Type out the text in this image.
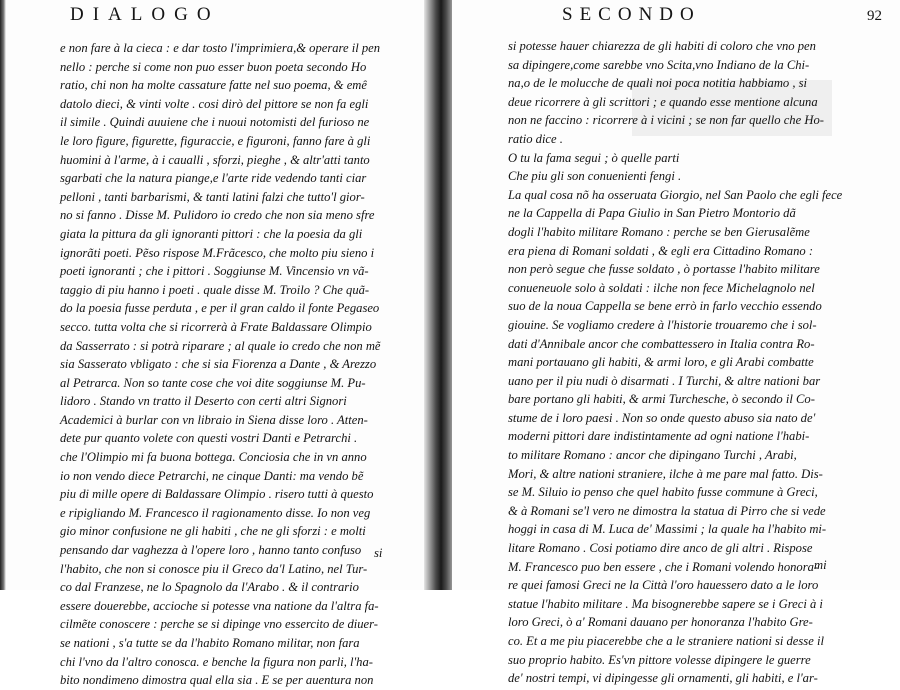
DIALOGO
e non fare à la cieca : e dar tosto l'imprimiera,& operare il pen
nello : perche si come non puo esser buon poeta secondo Ho
ratio, chi non ha molte cassature fatte nel suo poema, & emê
datolo dieci, & vinti volte . cosi dirò del pittore se non fa egli
il simile . Quindi auuiene che i nuoui notomisti del furioso ne
le loro figure, figurette, figuraccie, e figuroni, fanno fare à gli
huomini à l'arme, à i caualli , sforzi, pieghe , & altr'atti tanto
sgarbati che la natura piange,e l'arte ride vedendo tanti ciar
pelloni , tanti barbarismi, & tanti latini falzi che tutto'l gior-
no si fanno . Disse M. Pulidoro io credo che non sia meno sfre
giata la pittura da gli ignoranti pittori : che la poesia da gli
ignorãti poeti. Pẽso rispose M.Frãcesco, che molto piu sieno i
poeti ignoranti ; che i pittori . Soggiunse M. Vincensio vn vã-
taggio di piu hanno i poeti . quale disse M. Troilo ? Che quã-
do la poesia fusse perduta , e per il gran caldo il fonte Pegaseo
secco. tutta volta che si ricorrerà à Frate Baldassare Olimpio
da Sasserrato : si potrà riparare ; al quale io credo che non mẽ
sia Sasserato vbligato : che si sia Fiorenza a Dante , & Arezzo
al Petrarca. Non so tante cose che voi dite soggiunse M. Pu-
lidoro . Stando vn tratto il Deserto con certi altri Signori
Academici à burlar con vn libraio in Siena disse loro . Atten-
dete pur quanto volete con questi vostri Danti e Petrarchi .
che l'Olimpio mi fa buona bottega. Conciosia che in vn anno
io non vendo diece Petrarchi, ne cinque Danti: ma vendo bẽ
piu di mille opere di Baldassare Olimpio . risero tutti à questo
e ripigliando M. Francesco il ragionamento disse. Io non veg
gio minor confusione ne gli habiti , che ne gli sforzi : e molti
pensando dar vaghezza à l'opere loro , hanno tanto confuso
l'habito, che non si conosce piu il Greco da'l Latino, nel Tur-
co dal Franzese, ne lo Spagnolo da l'Arabo . & il contrario
essere douerebbe, accioche si potesse vna natione da l'altra fa-
cilmẽte conoscere : perche se si dipinge vno essercito de diuer-
se nationi , s'a tutte se da l'habito Romano militar, non fara
chi l'vno da l'altro conosca. e benche la figura non parli, l'ha-
bito nondimeno dimostra qual ella sia . E se per auentura non
si
SECONDO	92
si potesse hauer chiarezza de gli habiti di coloro che vno pen
sa dipingere,come sarebbe vno Scita,vno Indiano de la Chi-
na,o de le molucche de quali noi poca notitia habbiamo , si
deue ricorrere à gli scrittori ; e quando esse mentione alcuna
non ne faccino : ricorrere à i vicini ; se non far quello che Ho-
ratio dice .
O tu la fama segui ; ò quelle parti
Che piu gli son conuenienti fengi .
La qual cosa nõ ha osseruata Giorgio, nel San Paolo che egli fece
ne la Cappella di Papa Giulio in San Pietro Montorio dã
dogli l'habito militare Romano : perche se ben Gierusalẽme
era piena di Romani soldati , & egli era Cittadino Romano :
non però segue che fusse soldato , ò portasse l'habito militare
conueneuole solo à soldati : ilche non fece Michelagnolo nel
suo de la noua Cappella se bene errò in farlo vecchio essendo
giouine. Se vogliamo credere à l'historie trouaremo che i sol-
dati d'Annibale ancor che combattessero in Italia contra Ro-
mani portauano gli habiti, & armi loro, e gli Arabi combatte
uano per il piu nudi ò disarmati . I Turchi, & altre nationi bar
bare portano gli habiti, & armi Turchesche, ò secondo il Co-
stume de i loro paesi . Non so onde questo abuso sia nato de'
moderni pittori dare indistintamente ad ogni natione l'habi-
to militare Romano : ancor che dipingano Turchi , Arabi,
Mori, & altre nationi straniere, ilche à me pare mal fatto. Dis-
se M. Siluio io penso che quel habito fusse commune à Greci,
& à Romani se'l vero ne dimostra la statua di Pirro che si vede
hoggi in casa di M. Luca de' Massimi ; la quale ha l'habito mi-
litare Romano . Cosi potiamo dire anco de gli altri . Rispose
M. Francesco puo ben essere , che i Romani volendo honora-
re quei famosi Greci ne la Città l'oro hauessero dato a le loro
statue l'habito militare . Ma bisognerebbe sapere se i Greci à i
loro Greci, ò a' Romani dauano per honoranza l'habito Gre-
co. Et a me piu piacerebbe che a le straniere nationi si desse il
suo proprio habito. Es'vn pittore volesse dipingere le guerre
de' nostri tempi, vi dipingesse gli ornamenti, gli habiti, e l'ar-
mi
